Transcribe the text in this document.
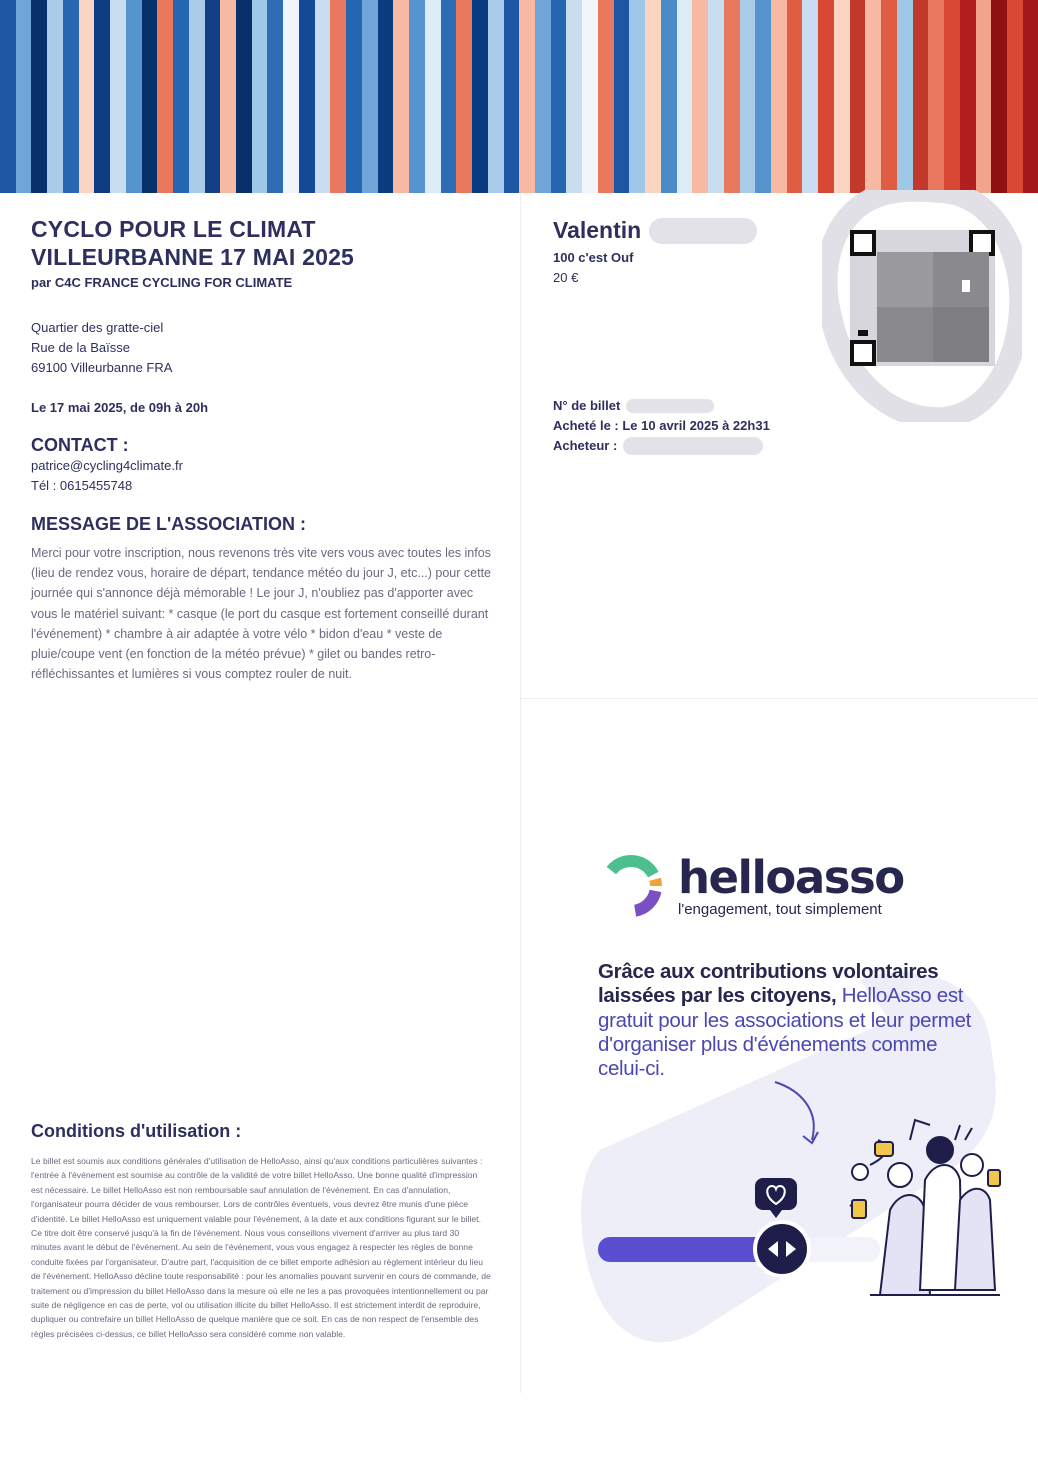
CYCLO POUR LE CLIMAT
VILLEURBANNE 17 MAI 2025
par C4C FRANCE CYCLING FOR CLIMATE
Quartier des gratte-ciel
Rue de la Baïsse
69100 Villeurbanne FRA
Le 17 mai 2025, de 09h à 20h
CONTACT :
patrice@cycling4climate.fr
Tél : 0615455748
MESSAGE DE L'ASSOCIATION :
Merci pour votre inscription, nous revenons très vite vers vous avec toutes les infos (lieu de rendez vous, horaire de départ, tendance météo du jour J, etc...) pour cette journée qui s'annonce déjà mémorable ! Le jour J, n'oubliez pas d'apporter avec vous le matériel suivant: * casque (le port du casque est fortement conseillé durant l'événement) * chambre à air adaptée à votre vélo * bidon d'eau * veste de pluie/coupe vent (en fonction de la météo prévue) * gilet ou bandes retro-réfléchissantes et lumières si vous comptez rouler de nuit.
Valentin
100 c'est Ouf
20 €
N° de billet
Acheté le : Le 10 avril 2025 à 22h31
Acheteur :
Conditions d'utilisation :
Le billet est soumis aux conditions générales d'utilisation de HelloAsso, ainsi qu'aux conditions particulières suivantes : l'entrée à l'événement est soumise au contrôle de la validité de votre billet HelloAsso. Une bonne qualité d'impression est nécessaire. Le billet HelloAsso est non remboursable sauf annulation de l'événement. En cas d'annulation, l'organisateur pourra décider de vous rembourser. Lors de contrôles éventuels, vous devrez être munis d'une pièce d'identité. Le billet HelloAsso est uniquement valable pour l'événement, à la date et aux conditions figurant sur le billet. Ce titre doit être conservé jusqu'à la fin de l'événement. Nous vous conseillons vivement d'arriver au plus tard 30 minutes avant le début de l'événement. Au sein de l'événement, vous vous engagez à respecter les règles de bonne conduite fixées par l'organisateur. D'autre part, l'acquisition de ce billet emporte adhésion au règlement intérieur du lieu de l'événement. HelloAsso décline toute responsabilité : pour les anomalies pouvant survenir en cours de commande, de traitement ou d'impression du billet HelloAsso dans la mesure où elle ne les a pas provoquées intentionnellement ou par suite de négligence en cas de perte, vol ou utilisation illicite du billet HelloAsso. Il est strictement interdit de reproduire, dupliquer ou contrefaire un billet HelloAsso de quelque manière que ce soit. En cas de non respect de l'ensemble des règles précisées ci-dessus, ce billet HelloAsso sera considéré comme non valable.
helloasso
l'engagement, tout simplement
Grâce aux contributions volontaires laissées par les citoyens, HelloAsso est gratuit pour les associations et leur permet d'organiser plus d'événements comme celui-ci.
